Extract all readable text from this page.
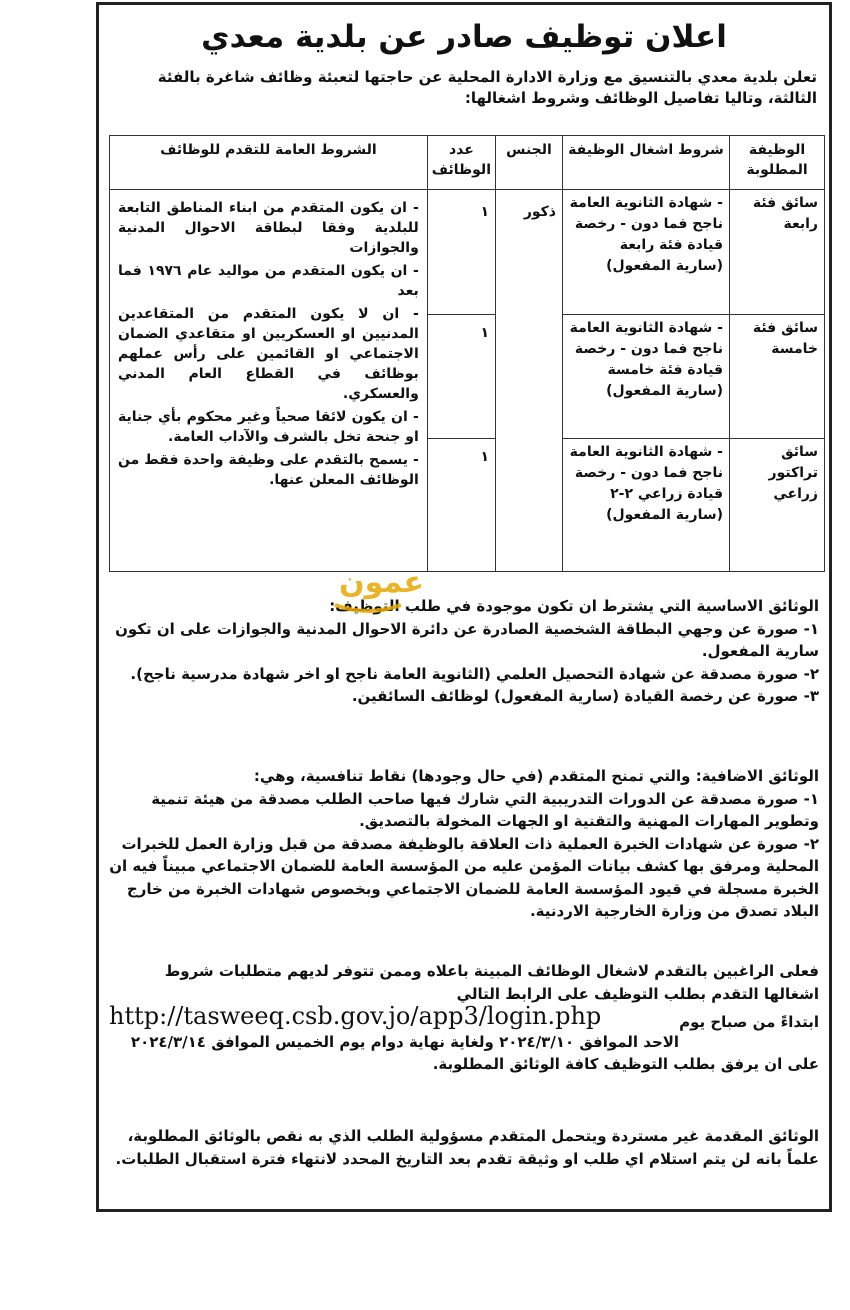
اعلان توظيف صادر عن بلدية معدي
تعلن بلدية معدي بالتنسيق مع وزارة الادارة المحلية عن حاجتها لتعبئة وظائف شاغرة بالفئة الثالثة، وتاليا تفاصيل الوظائف وشروط اشغالها:
الوظيفة المطلوبة	شروط اشغال الوظيفة	الجنس	عدد الوظائف	الشروط العامة للتقدم للوظائف
سائق فئة رابعة	- شهادة الثانوية العامة ناجح فما دون - رخصة قيادة فئة رابعة (سارية المفعول)	ذكور	١	- ان يكون المتقدم من ابناء المناطق التابعة للبلدية وفقا لبطاقة الاحوال المدنية والجوازات
- ان يكون المتقدم من مواليد عام ١٩٧٦ فما بعد
- ان لا يكون المتقدم من المتقاعدين المدنيين او العسكريين او متقاعدي الضمان الاجتماعي او القائمين على رأس عملهم بوظائف في القطاع العام المدني والعسكري.
- ان يكون لائقا صحياً وغير محكوم بأي جناية او جنحة تخل بالشرف والآداب العامة.
- يسمح بالتقدم على وظيفة واحدة فقط من الوظائف المعلن عنها.

سائق فئة خامسة	- شهادة الثانوية العامة ناجح فما دون - رخصة قيادة فئة خامسة (سارية المفعول)		١	
سائق تراكتور زراعي	- شهادة الثانوية العامة ناجح فما دون - رخصة قيادة زراعي ٢-٢ (سارية المفعول)		١	
الوثائق الاساسية التي يشترط ان تكون موجودة في طلب التوظيف:
١- صورة عن وجهي البطاقة الشخصية الصادرة عن دائرة الاحوال المدنية والجوازات على ان تكون سارية المفعول.
٢- صورة مصدقة عن شهادة التحصيل العلمي (الثانوية العامة ناجح او اخر شهادة مدرسية ناجح).
٣- صورة عن رخصة القيادة (سارية المفعول) لوظائف السائقين.
عمون
الوثائق الاضافية: والتي تمنح المتقدم (في حال وجودها) نقاط تنافسية، وهي:
١- صورة مصدقة عن الدورات التدريبية التي شارك فيها صاحب الطلب مصدقة من هيئة تنمية وتطوير المهارات المهنية والتقنية او الجهات المخولة بالتصديق.
٢- صورة عن شهادات الخبرة العملية ذات العلاقة بالوظيفة مصدقة من قبل وزارة العمل للخبرات المحلية ومرفق بها كشف بيانات المؤمن عليه من المؤسسة العامة للضمان الاجتماعي مبيناً فيه ان الخبرة مسجلة في قيود المؤسسة العامة للضمان الاجتماعي وبخصوص شهادات الخبرة من خارج البلاد تصدق من وزارة الخارجية الاردنية.
فعلى الراغبين بالتقدم لاشغال الوظائف المبينة باعلاه وممن تتوفر لديهم متطلبات شروط اشغالها التقدم بطلب التوظيف على الرابط التالي
http://tasweeq.csb.gov.jo/app3/login.php	ابتداءً من صباح يوم
الاحد الموافق ٢٠٢٤/٣/١٠ ولغاية نهاية دوام يوم الخميس الموافق ٢٠٢٤/٣/١٤ على ان يرفق بطلب التوظيف كافة الوثائق المطلوبة.
الوثائق المقدمة غير مستردة ويتحمل المتقدم مسؤولية الطلب الذي به نقص بالوثائق المطلوبة، علماً بانه لن يتم استلام اي طلب او وثيقة تقدم بعد التاريخ المحدد لانتهاء فترة استقبال الطلبات.
